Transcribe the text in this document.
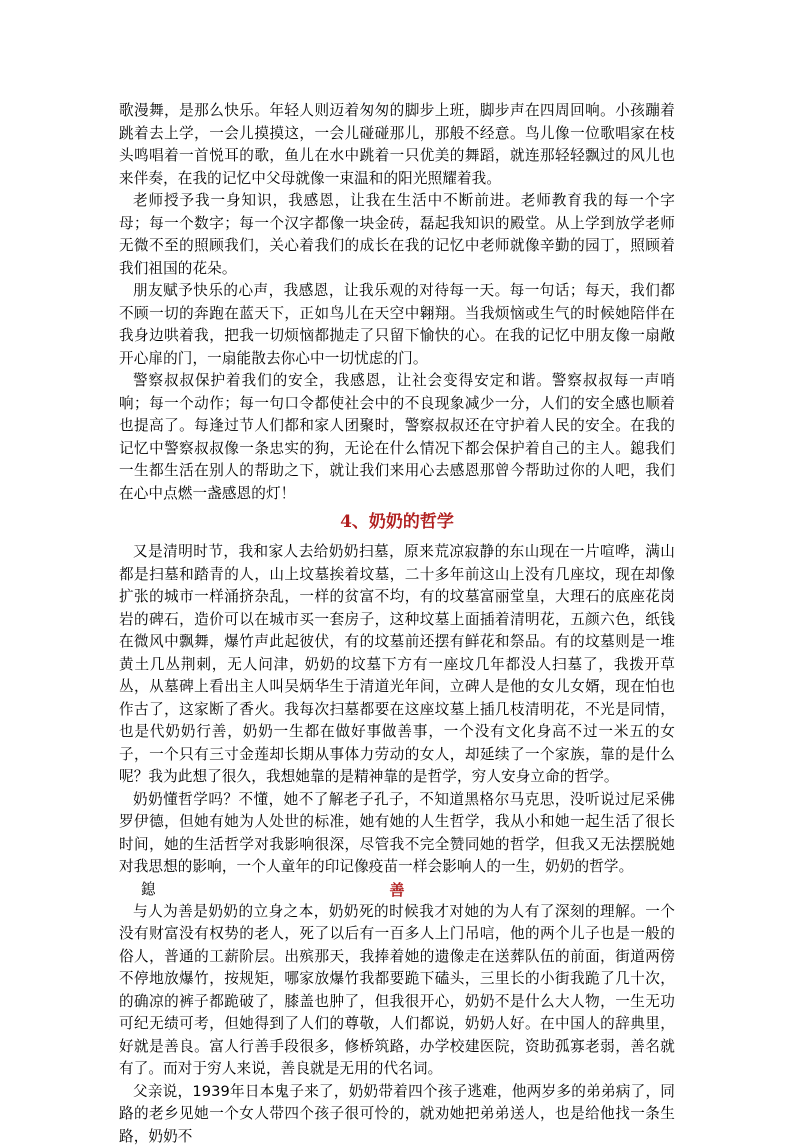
歌漫舞，是那么快乐。年轻人则迈着匆匆的脚步上班，脚步声在四周回响。小孩蹦着跳着去上学，一会儿摸摸这，一会儿碰碰那儿，那般不经意。鸟儿像一位歌唱家在枝头鸣唱着一首悦耳的歌，鱼儿在水中跳着一只优美的舞蹈，就连那轻轻飘过的风儿也来伴奏，在我的记忆中父母就像一束温和的阳光照耀着我。

老师授予我一身知识，我感恩，让我在生活中不断前进。老师教育我的每一个字母；每一个数字；每一个汉字都像一块金砖，磊起我知识的殿堂。从上学到放学老师无微不至的照顾我们，关心着我们的成长在我的记忆中老师就像辛勤的园丁，照顾着我们祖国的花朵。

朋友赋予快乐的心声，我感恩，让我乐观的对待每一天。每一句话；每天，我们都不顾一切的奔跑在蓝天下，正如鸟儿在天空中翱翔。当我烦恼或生气的时候她陪伴在我身边哄着我，把我一切烦恼都抛走了只留下愉快的心。在我的记忆中朋友像一扇敞开心扉的门，一扇能散去你心中一切忧虑的门。

警察叔叔保护着我们的安全，我感恩，让社会变得安定和谐。警察叔叔每一声哨响；每一个动作；每一句口令都使社会中的不良现象减少一分，人们的安全感也顺着也提高了。每逢过节人们都和家人团聚时，警察叔叔还在守护着人民的安全。在我的记忆中警察叔叔像一条忠实的狗，无论在什么情况下都会保护着自己的主人。鎴我们一生都生活在别人的帮助之下，就让我们来用心去感恩那曾今帮助过你的人吧，我们在心中点燃一盏感恩的灯！

4、奶奶的哲学

又是清明时节，我和家人去给奶奶扫墓，原来荒凉寂静的东山现在一片喧哗，满山都是扫墓和踏青的人，山上坟墓挨着坟墓，二十多年前这山上没有几座坟，现在却像扩张的城市一样涌挤杂乱，一样的贫富不均，有的坟墓富丽堂皇，大理石的底座花岗岩的碑石，造价可以在城市买一套房子，这种坟墓上面插着清明花，五颜六色，纸钱在微风中飘舞，爆竹声此起彼伏，有的坟墓前还摆有鲜花和祭品。有的坟墓则是一堆黄土几丛荆刺，无人问津，奶奶的坟墓下方有一座坟几年都没人扫墓了，我拨开草丛，从墓碑上看出主人叫吴炳华生于清道光年间，立碑人是他的女儿女婿，现在怕也作古了，这家断了香火。我每次扫墓都要在这座坟墓上插几枝清明花，不光是同情，也是代奶奶行善，奶奶一生都在做好事做善事，一个没有文化身高不过一米五的女子，一个只有三寸金莲却长期从事体力劳动的女人，却延续了一个家族，靠的是什么呢？我为此想了很久，我想她靠的是精神靠的是哲学，穷人安身立命的哲学。

奶奶懂哲学吗？不懂，她不了解老子孔子，不知道黑格尔马克思，没听说过尼采佛罗伊德，但她有她为人处世的标准，她有她的人生哲学，我从小和她一起生活了很长时间，她的生活哲学对我影响很深，尽管我不完全赞同她的哲学，但我又无法摆脱她对我思想的影响，一个人童年的印记像疫苗一样会影响人的一生，奶奶的哲学。

鎴	善

与人为善是奶奶的立身之本，奶奶死的时候我才对她的为人有了深刻的理解。一个没有财富没有权势的老人，死了以后有一百多人上门吊唁，他的两个儿子也是一般的俗人，普通的工薪阶层。出殡那天，我捧着她的遗像走在送葬队伍的前面，街道两傍不停地放爆竹，按规矩，哪家放爆竹我都要跪下磕头，三里长的小街我跪了几十次，的确凉的裤子都跪破了，膝盖也肿了，但我很开心，奶奶不是什么大人物，一生无功可纪无绩可考，但她得到了人们的尊敬，人们都说，奶奶人好。在中国人的辞典里，好就是善良。富人行善手段很多，修桥筑路，办学校建医院，资助孤寡老弱，善名就有了。而对于穷人来说，善良就是无用的代名词。

父亲说，1939年日本鬼子来了，奶奶带着四个孩子逃难，他两岁多的弟弟病了，同路的老乡见她一个女人带四个孩子很可怜的，就劝她把弟弟送人，也是给他找一条生路，奶奶不
